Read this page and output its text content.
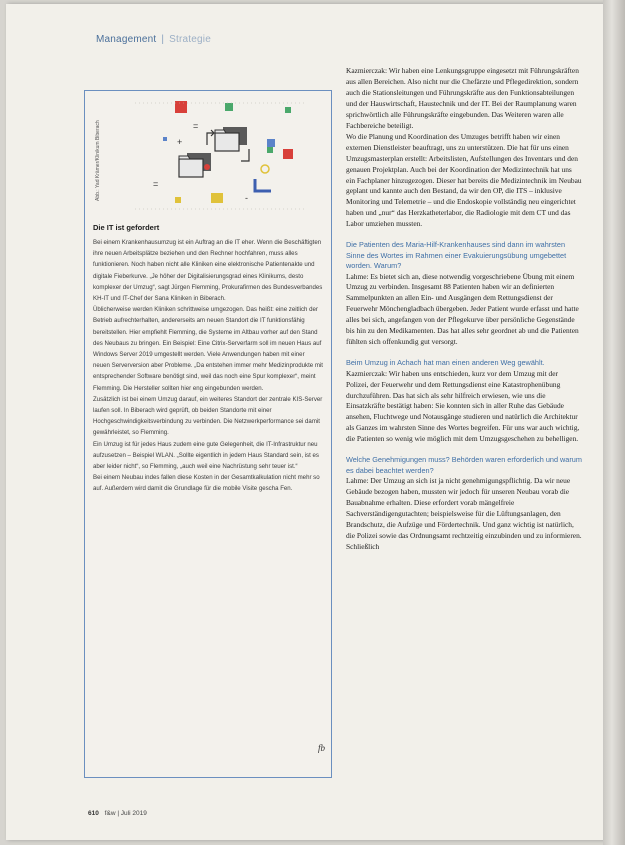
Management | Strategie
Abb.: Yad Krämer/Klinikum Biberach	+
=
=
-
Die IT ist gefordert

Bei einem Krankenhausumzug ist ein Auftrag an die IT eher. Wenn die Beschäftigten ihre neuen Arbeitsplätze beziehen und den Rechner hochfahren, muss alles funktionieren. Noch haben nicht alle Kliniken eine elektronische Patientenakte und digitale Fieberkurve. „Je höher der Digitalisierungsgrad eines Klinikums, desto komplexer der Umzug“, sagt Jürgen Flemming, Prokurafirmen des Bundesverbandes KH-IT und IT-Chef der Sana Kliniken in Biberach.

Üblicherweise werden Kliniken schrittweise umgezogen. Das heißt: eine zeitlich der Betrieb aufrechterhalten, andererseits am neuen Standort die IT funktionsfähig bereitstellen. Hier empfiehlt Flemming, die Systeme im Altbau vorher auf den Stand des Neubaus zu bringen. Ein Beispiel: Eine Citrix-Serverfarm soll im neuen Haus auf Windows Server 2019 umgestellt werden. Viele Anwendungen haben mit einer neuen Serverversion aber Probleme. „Da entstehen immer mehr Medizinprodukte mit entsprechender Software benötigt sind, weil das noch eine Spur komplexer“, meint Flemming. Die Hersteller sollten hier eng eingebunden werden.

Zusätzlich ist bei einem Umzug darauf, ein weiteres Standort der zentrale KIS-Server laufen soll. In Biberach wird geprüft, ob beiden Standorte mit einer Hochgeschwindigkeitsverbindung zu verbinden. Die Netzwerkperformance sei damit gewährleistet, so Flemming.

Ein Umzug ist für jedes Haus zudem eine gute Gelegenheit, die IT-Infrastruktur neu aufzusetzen – Beispiel WLAN. „Sollte eigentlich in jedem Haus Standard sein, ist es aber leider nicht“, so Flemming, „auch weil eine Nachrüstung sehr teuer ist.“

Bei einem Neubau indes fallen diese Kosten in der Gesamtkalkulation nicht mehr so auf. Außerdem wird damit die Grundlage für die mobile Visite gescha Fen.

fb

Kazmierczak: Wir haben eine Lenkungsgruppe eingesetzt mit Führungskräften aus allen Bereichen. Also nicht nur die Chefärzte und Pflegedirektion, sondern auch die Stationsleitungen und Führungskräfte aus den Funktionsabteilungen und der Hauswirtschaft, Haustechnik und der IT. Bei der Raumplanung waren sprichwörtlich alle Führungskräfte eingebunden. Das Weiteren waren alle Fachbereiche beteiligt.

Wo die Planung und Koordination des Umzuges betrifft haben wir einen externen Dienstleister beauftragt, uns zu unterstützen. Die hat für uns einen Umzugsmasterplan erstellt: Arbeitslisten, Aufstellungen des Inventars und den genauen Projektplan. Auch bei der Koordination der Medizintechnik hat uns ein Fachplaner hinzugezogen. Dieser hat bereits die Medizintechnik im Neubau geplant und kannte auch den Bestand, da wir den OP, die ITS – inklusive Monitoring und Telemetrie – und die Endoskopie vollständig neu eingerichtet haben und „nur“ das Herzkatheterlabor, die Radiologie mit dem CT und das Labor umziehen mussten.

Die Patienten des Maria-Hilf-Krankenhauses sind dann im wahrsten Sinne des Wortes im Rahmen einer Evakuierungsübung umgebettet worden. Warum?

Lahme: Es bietet sich an, diese notwendig vorgeschriebene Übung mit einem Umzug zu verbinden. Insgesamt 88 Patienten haben wir an definierten Sammelpunkten an allen Ein- und Ausgängen dem Rettungsdienst der Feuerwehr Mönchengladbach übergeben. Jeder Patient wurde erfasst und hatte alles bei sich, angefangen von der Pflegekurve über persönliche Gegenstände bis hin zu den Medikamenten. Das hat alles sehr geordnet ab und die Patienten fühlten sich offenkundig gut versorgt.

Beim Umzug in Achach hat man einen anderen Weg gewählt.

Kazmierczak: Wir haben uns entschieden, kurz vor dem Umzug mit der Polizei, der Feuerwehr und dem Rettungsdienst eine Katastrophenübung durchzuführen. Das hat sich als sehr hilfreich erwiesen, wie uns die Einsatzkräfte bestätigt haben: Sie konnten sich in aller Ruhe das Gebäude ansehen, Fluchtwege und Notausgänge studieren und natürlich die Architektur als Ganzes im wahrsten Sinne des Wortes begreifen. Für uns war auch wichtig, die Patienten so wenig wie möglich mit dem Umzugsgeschehen zu behelligen.

Welche Genehmigungen muss? Behörden waren erforderlich und warum es dabei beachtet werden?

Lahme: Der Umzug an sich ist ja nicht genehmigungspflichtig. Da wir neue Gebäude bezogen haben, mussten wir jedoch für unseren Neubau vorab die Bauabnahme erhalten. Diese erfordert vorab mängelfreie Sachverständigengutachten; beispielsweise für die Lüftungsanlagen, den Brandschutz, die Aufzüge und Fördertechnik. Und ganz wichtig ist natürlich, die Polizei sowie das Ordnungsamt rechtzeitig einzubinden und zu informieren. Schließlich

610 f&w | Juli 2019
